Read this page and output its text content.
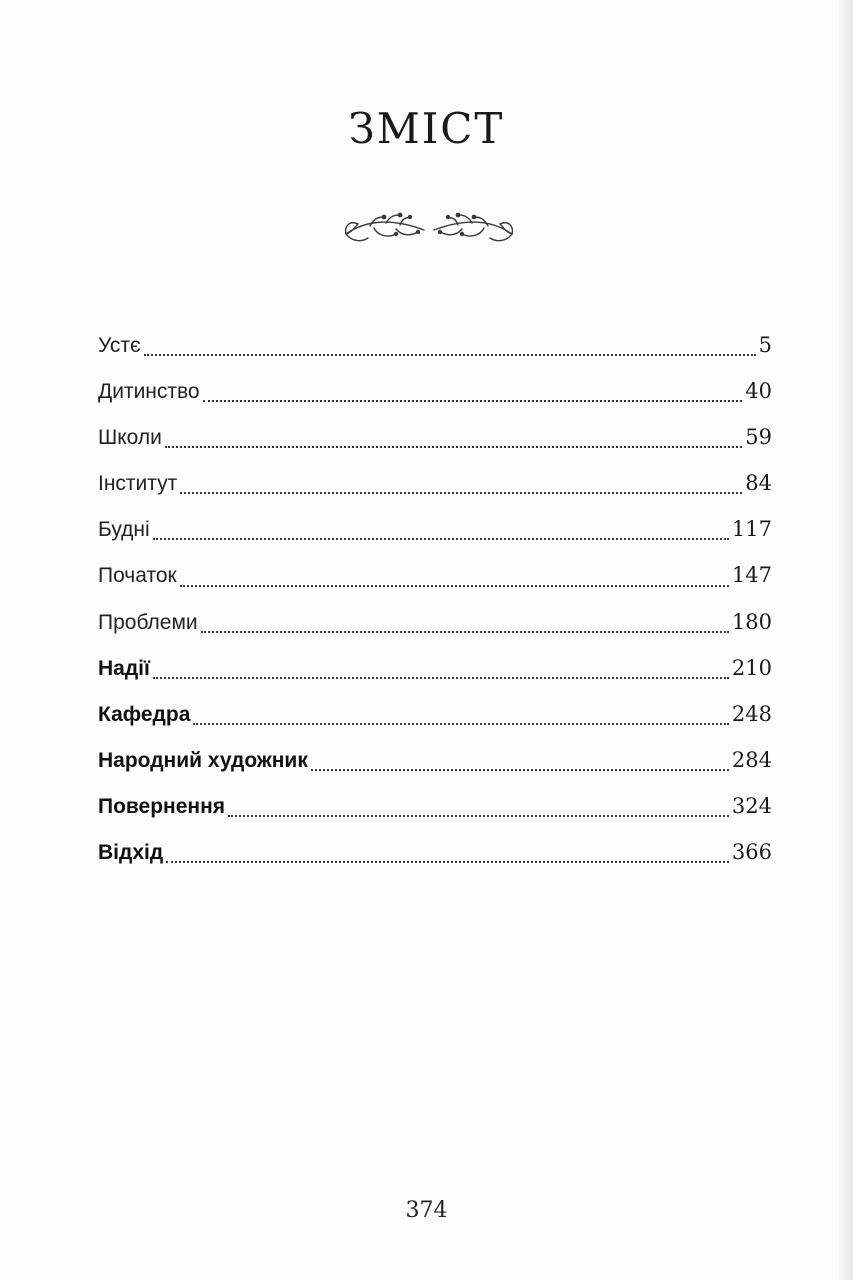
ЗМІСТ
Устє	5
Дитинство	40
Школи	59
Інститут	84
Будні	117
Початок	147
Проблеми	180
Надії	210
Кафедра	248
Народний художник	284
Повернення	324
Відхід	366
374
